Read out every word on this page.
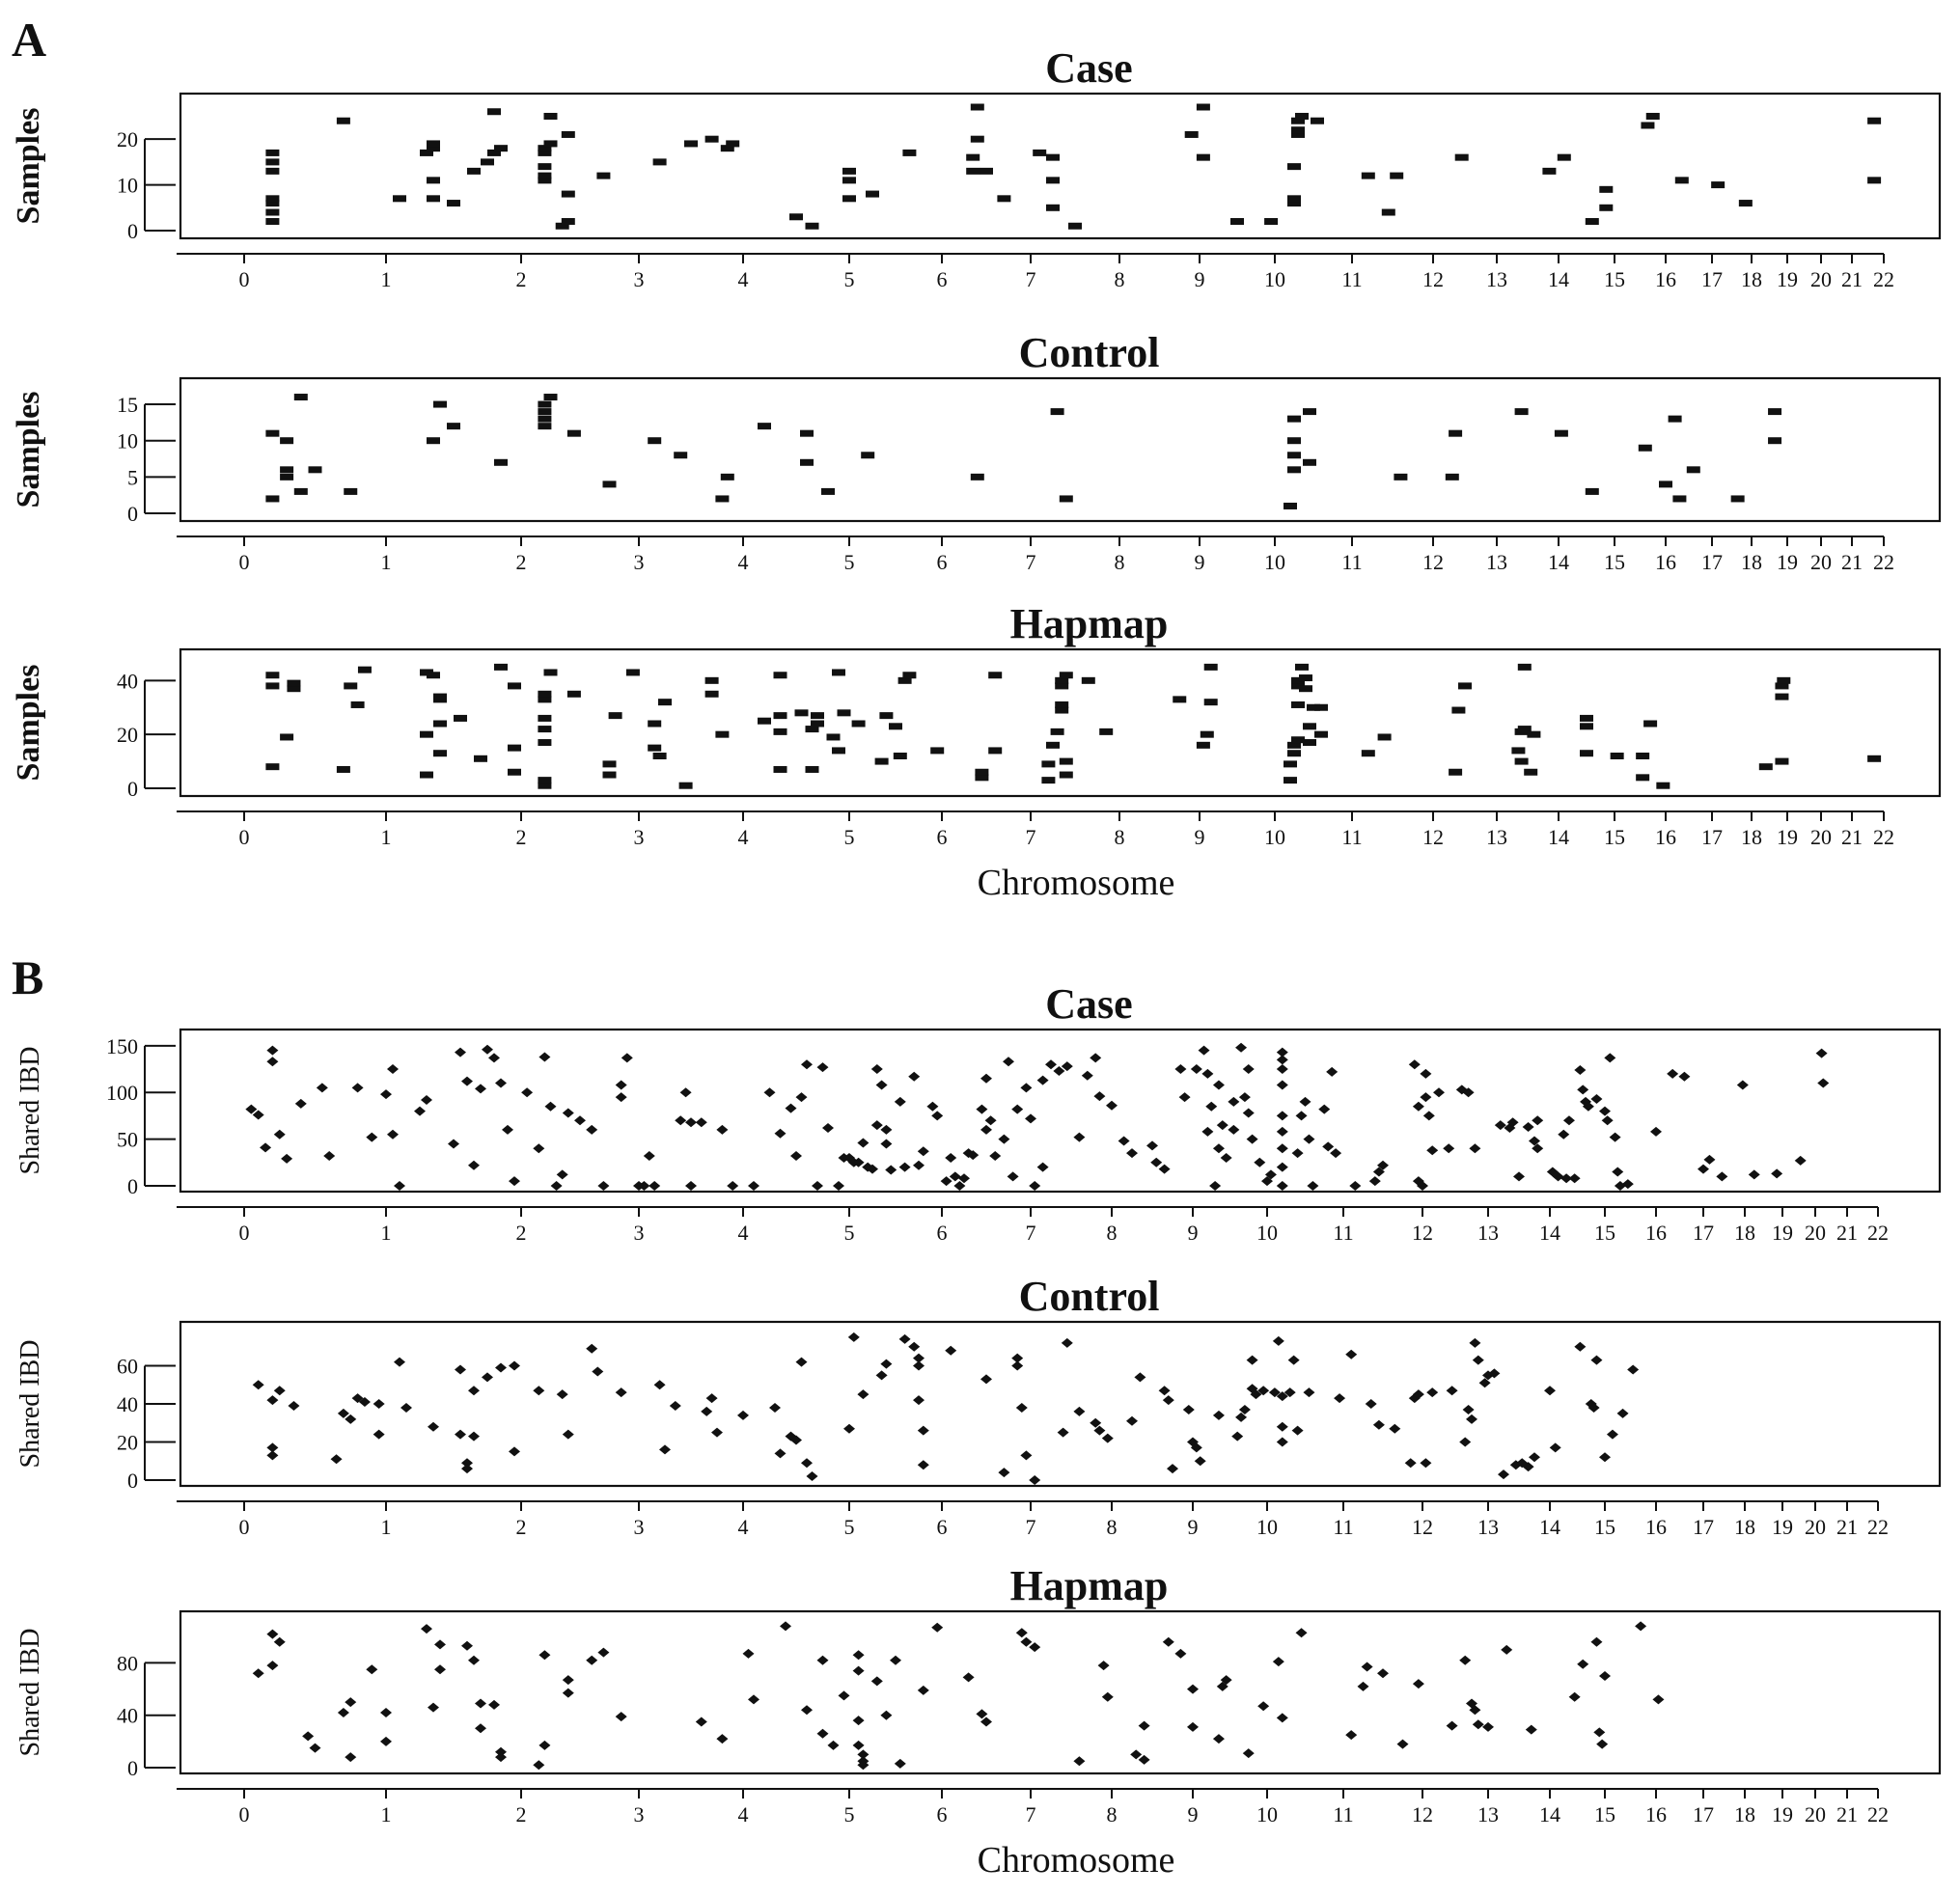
A
B
Case
Samples
0
10
20
0	1	2	3	4	5	6	7	8	9	10	11	12 13 14 15 16 17 18 19 20 21 22
Control
Samples
0
5
10
15
0	1	2	3	4	5	6	7	8	9	10	11	12 13 14 15 16 17 18 19 20 21 22
Hapmap
Samples
0
20
40
0	1	2	3	4	5	6	7	8	9	10	11	12 13 14 15 16 17 18 19 20 21 22
Chromosome
Case
Shared IBD
0
50
100
150
0	1	2	3	4	5	6	7	8	9	10	11	12 13 14 15 16 17 18 19 20 21 22
Control
Shared IBD
0
20
40
60
0	1	2	3	4	5	6	7	8	9	10	11	12 13 14 15 16 17 18 19 20 21 22
Hapmap
Shared IBD
0
40
80
0	1	2	3	4	5	6	7	8	9	10	11	12 13 14 15 16 17 18 19 20 21 22
Chromosome
